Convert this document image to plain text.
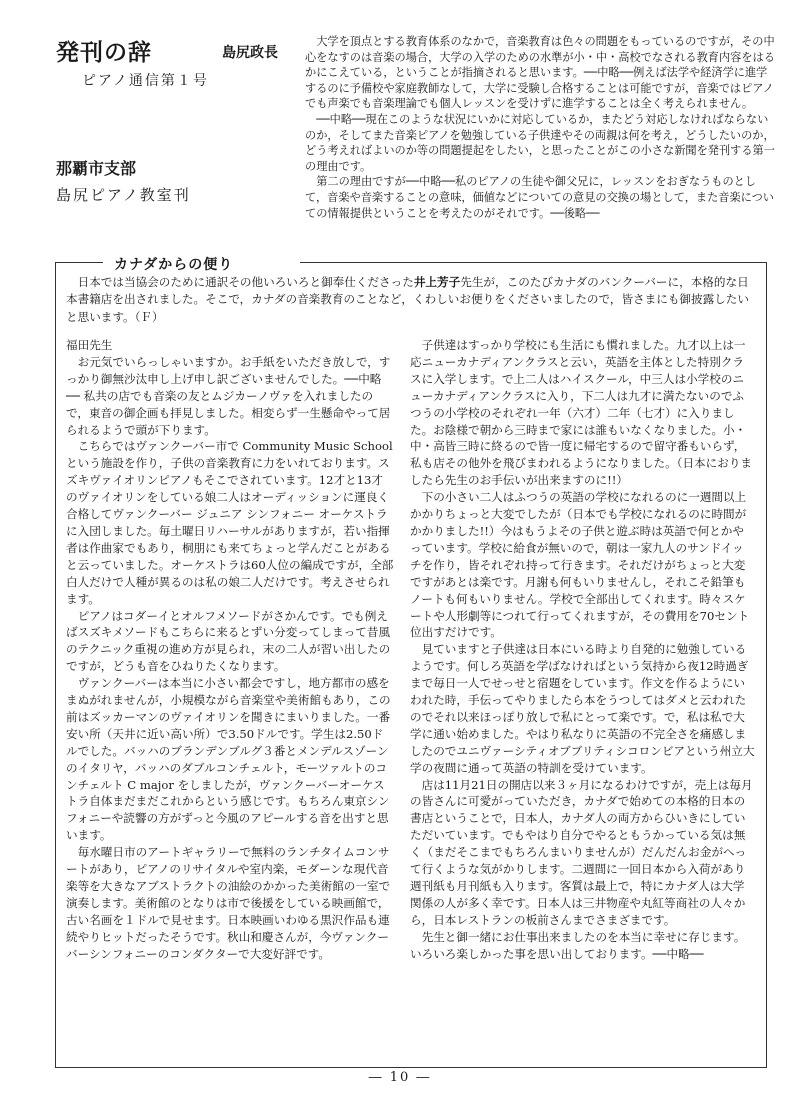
発刊の辞	島尻政長
ピアノ通信第１号
那覇市支部
島尻ピアノ教室刊

大学を頂点とする教育体系のなかで，音楽教育は色々の問題をもっているのですが，その中心をなすのは音楽の場合，大学の入学のための水準が小・中・高校でなされる教育内容をはるかにこえている，ということが指摘されると思います。──中略──例えば法学や経済学に進学するのに予備校や家庭教師なして，大学に受験し合格することは可能ですが，音楽ではピアノでも声楽でも音楽理論でも個人レッスンを受けずに進学することは全く考えられません。

──中略──現在このような状況にいかに対応しているか，またどう対応しなければならないのか，そしてまた音楽ピアノを勉強している子供達やその両親は何を考え，どうしたいのか，どう考えればよいのか等の問題提起をしたい，と思ったことがこの小さな新聞を発刊する第一の理由です。

第二の理由ですが──中略──私のピアノの生徒や御父兄に，レッスンをおぎなうものとして，音楽や音楽することの意味，価値などについての意見の交換の場として，また音楽についての情報提供ということを考えたのがそれです。──後略──

カナダからの便り

日本では当協会のために通訳その他いろいろと御奉仕くださった井上芳子先生が，このたびカナダのバンクーバーに，本格的な日本書籍店を出されました。そこで，カナダの音楽教育のことなど，くわしいお便りをくださいましたので，皆さまにも御披露したいと思います。（Ｆ）

福田先生

お元気でいらっしゃいますか。お手紙をいただき放しで，すっかり御無沙汰申し上げ申し訳ございませんでした。──中略── 私共の店でも音楽の友とムジカーノヴァを入れましたので，東音の御企画も拝見しました。相変らず一生懸命やって居られるようで頭が下ります。

こちらではヴァンクーバー市で Community Music School という施設を作り，子供の音楽教育に力をいれております。スズキヴァイオリンピアノもそこでされています。12才と13才のヴァイオリンをしている娘二人はオーディッションに運良く合格してヴァンクーバー ジュニア シンフォニー オーケストラに入団しました。毎土曜日リハーサルがありますが，若い指揮者は作曲家でもあり，桐朋にも来てちょっと学んだことがあると云っていました。オーケストラは60人位の編成ですが，全部白人だけで人種が異るのは私の娘二人だけです。考えさせられます。

ピアノはコダーイとオルフメソードがさかんです。でも例えばスズキメソードもこちらに来るとずい分変ってしまって昔風のテクニック重視の進め方が見られ，末の二人が習い出したのですが，どうも音をひねりたくなります。

ヴァンクーバーは本当に小さい都会ですし，地方都市の感をまぬがれませんが，小規模ながら音楽堂や美術館もあり，この前はズッカーマンのヴァイオリンを聞きにまいりました。一番安い所（天井に近い高い所）で3.50ドルです。学生は2.50ドルでした。バッハのブランデンブルグ３番とメンデルスゾーンのイタリヤ，バッハのダブルコンチェルト，モーツァルトのコンチェルト C major をしましたが，ヴァンクーバーオーケストラ自体まだまだこれからという感じです。もちろん東京シンフォニーや読響の方がずっと今風のアピールする音を出すと思います。

毎水曜日市のアートギャラリーで無料のランチタイムコンサートがあり，ピアノのリサイタルや室内楽，モダーンな現代音楽等を大きなアブストラクトの油絵のかかった美術館の一室で演奏します。美術館のとなりは市で後援をしている映画館で，古い名画を１ドルで見せます。日本映画いわゆる黒沢作品も連続やりヒットだったそうです。秋山和慶さんが，今ヴァンクーバーシンフォニーのコンダクターで大変好評です。

子供達はすっかり学校にも生活にも慣れました。九才以上は一応ニューカナディアンクラスと云い，英語を主体とした特別クラスに入学します。で上二人はハイスクール，中三人は小学校のニューカナディアンクラスに入り，下二人は九才に満たないのでふつうの小学校のそれぞれ一年（六才）二年（七才）に入りました。お陰様で朝から三時まで家には誰もいなくなりました。小・中・高皆三時に終るので皆一度に帰宅するので留守番もいらず，私も店その他外を飛びまわれるようになりました。（日本におりましたら先生のお手伝いが出来ますのに!!）

下の小さい二人はふつうの英語の学校になれるのに一週間以上かかりちょっと大変でしたが（日本でも学校になれるのに時間がかかりました!!）今はもうよその子供と遊ぶ時は英語で何とかやっています。学校に給食が無いので，朝は一家九人のサンドイッチを作り，皆それぞれ持って行きます。それだけがちょっと大変ですがあとは楽です。月謝も何もいりませんし，それこそ鉛筆もノートも何もいりません。学校で全部出してくれます。時々スケートや人形劇等につれて行ってくれますが，その費用を70セント位出すだけです。

見ていますと子供達は日本にいる時より自発的に勉強しているようです。何しろ英語を学ばなければという気持から夜12時過ぎまで毎日一人でせっせと宿題をしています。作文を作るようにいわれた時，手伝ってやりましたら本をうつしてはダメと云われたのでそれ以来ほっぽり放しで私にとって楽です。で，私は私で大学に通い始めました。やはり私なりに英語の不完全さを痛感しましたのでユニヴァーシティオブブリティシコロンビアという州立大学の夜間に通って英語の特訓を受けています。

店は11月21日の開店以来３ヶ月になるわけですが，売上は毎月の皆さんに可愛がっていただき，カナダで始めての本格的日本の書店ということで，日本人，カナダ人の両方からひいきにしていただいています。でもやはり自分でやるともうかっている気は無く（まだそこまでもちろんまいりませんが）だんだんお金がへって行くような気がかりします。二週間に一回日本から入荷があり週刊紙も月刊紙も入ります。客質は最上で，特にカナダ人は大学関係の人が多く幸です。日本人は三井物産や丸紅等商社の人々から，日本レストランの板前さんまでさまざまです。

先生と御一緒にお仕事出来ましたのを本当に幸せに存じます。いろいろ楽しかった事を思い出しております。──中略──

― 10 ―
